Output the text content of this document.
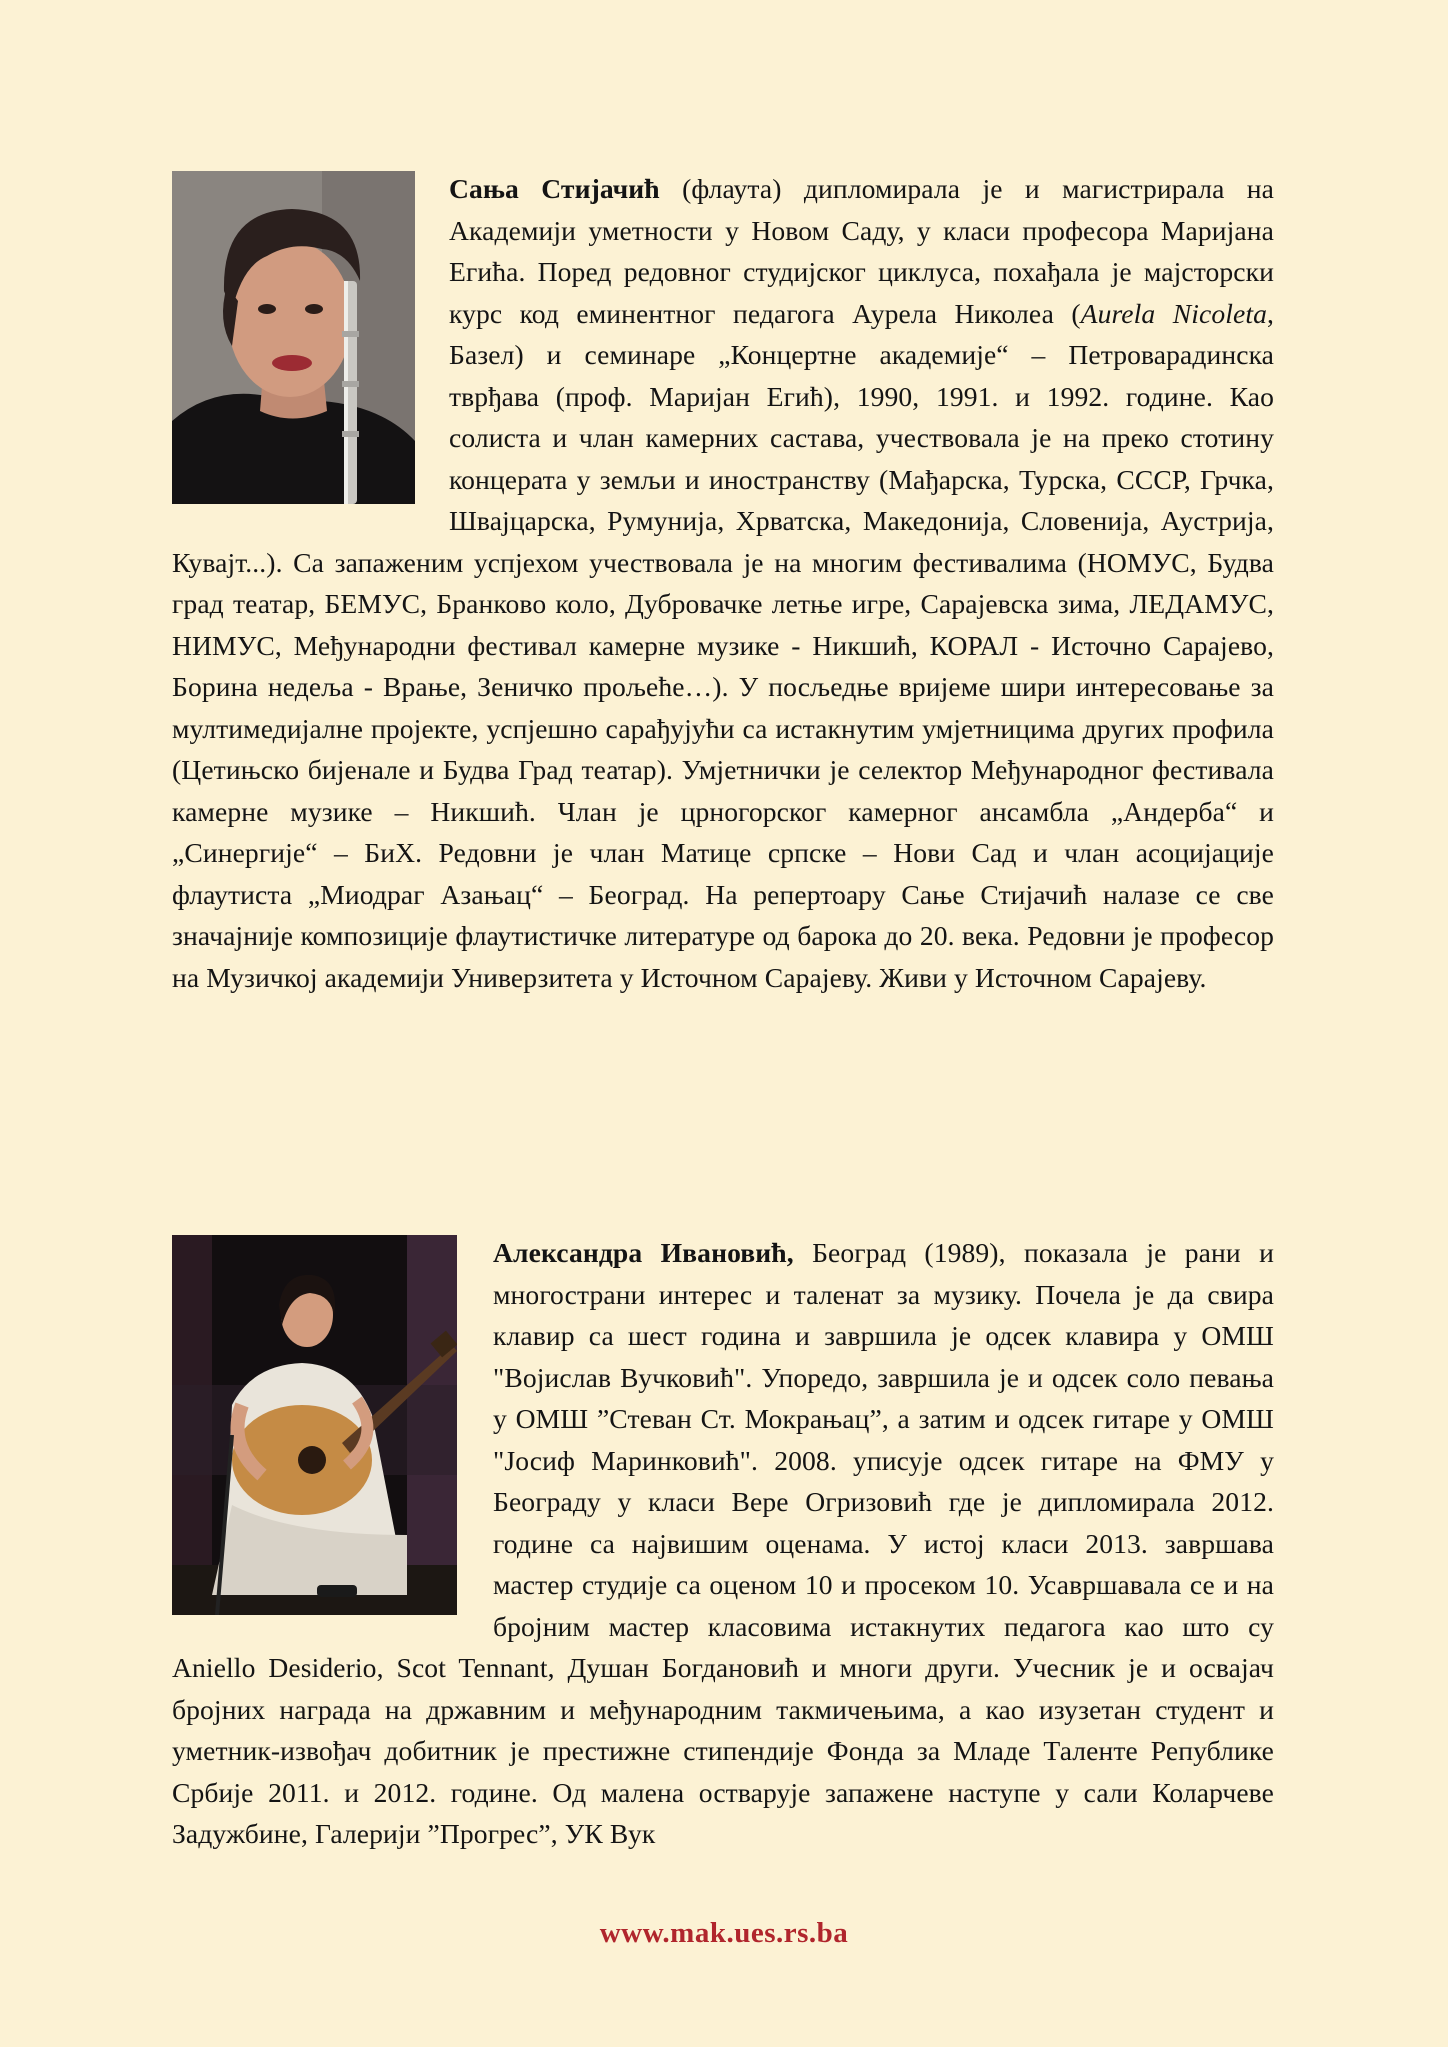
Сања Стијачић (флаута) дипломирала је и магистрирала на Академији уметности у Новом Саду, у класи професора Маријана Егића. Поред редовног студијског циклуса, похађала је мајсторски курс код еминентног педагога Аурела Николеа (Aurela Nicoleta, Базел) и семинаре „Концертне академије“ – Петроварадинска тврђава (проф. Маријан Егић), 1990, 1991. и 1992. године. Као солиста и члан камерних састава, учествовала је на преко стотину концерата у земљи и иностранству (Мађарска, Турска, СССР, Грчка, Швајцарска, Румунија, Хрватска, Македонија, Словенија, Аустрија, Кувајт...). Са запаженим успјехом учествовала је на многим фестивалима (НОМУС, Будва град театар, БЕМУС, Бранково коло, Дубровачке летње игре, Сарајевска зима, ЛЕДАМУС, НИМУС, Међународни фестивал камерне музике - Никшић, КОРАЛ - Источно Сарајево, Борина недеља - Врање, Зеничко прољеће…). У посљедње вријеме шири интересовање за мултимедијалне пројекте, успјешно сарађујући са истакнутим умјетницима других профила (Цетињско бијенале и Будва Град театар). Умјетнички је селектор Међународног фестивала камерне музике – Никшић. Члан је црногорског камерног ансамбла „Андерба“ и „Синергије“ – БиХ. Редовни је члан Матице српске – Нови Сад и члан асоцијације флаутиста „Миодраг Азањац“ – Београд. На репертоару Сање Стијачић налазе се све значајније композиције флаутистичке литературе од барока до 20. века. Редовни је професор на Музичкој академији Универзитета у Источном Сарајеву. Живи у Источном Сарајеву.

Александра Ивановић, Београд (1989), показала је рани и многострани интерес и таленат за музику. Почела је да свира клавир са шест година и завршила је одсек клавира у ОМШ "Војислав Вучковић". Упоредо, завршила је и одсек соло певања у ОМШ ”Стеван Ст. Мокрањац”, а затим и одсек гитаре у ОМШ "Јосиф Маринковић". 2008. уписује одсек гитаре на ФМУ у Београду у класи Вере Огризовић где је дипломирала 2012. године са највишим оценама. У истој класи 2013. завршава мастер студије са оценом 10 и просеком 10. Усавршавала се и на бројним мастер класовима истакнутих педагога као што су Aniello Desiderio, Scot Tennant, Душан Богдановић и многи други. Учесник је и освајач бројних награда на државним и међународним такмичењима, а као изузетан студент и уметник-извођач добитник је престижне стипендије Фонда за Младе Таленте Републике Србије 2011. и 2012. године. Од малена остварује запажене наступе у сали Коларчеве Задужбине, Галерији ”Прогрес”, УК Вук

www.mak.ues.rs.ba
